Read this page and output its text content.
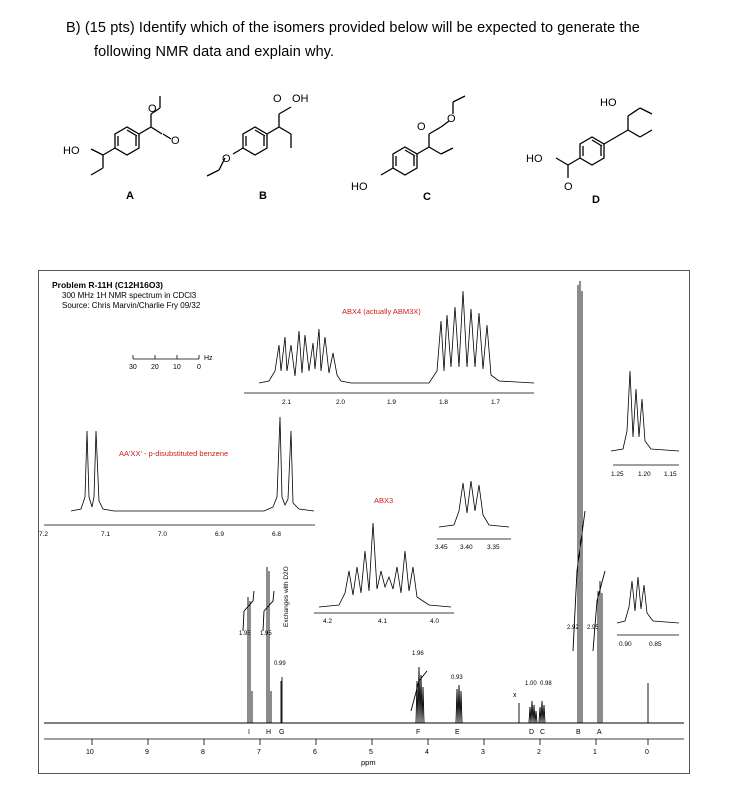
B) (15 pts) Identify which of the isomers provided below will be expected to generate the
following NMR data and explain why.
O
O
HO
A
O
O OH
B
O
O
HO
C
HO
HO
O
D
Problem R-11H (C12H16O3)
300 MHz 1H NMR spectrum in CDCl3
Source: Chris Marvin/Charlie Fry 09/32
Hz
30 20 10 0
AA'XX' - p-disubstituted benzene
ABX4 (actually ABM3X)
ABX3
2.1	2.0	1.9	1.8	1.7
7.2	7.1	7.0	6.9	6.8
4.2	4.1	4.0
3.45 3.40 3.35
1.25 1.20 1.15
0.90	0.85
Exchanges with D2O
1.95 1.95
0.99
1.96
0.93
1.00 0.98
2.92 2.95
x
I H G	F	E	D C	B A
10	9	8	7	6	5	4	3	2	1	0
ppm
